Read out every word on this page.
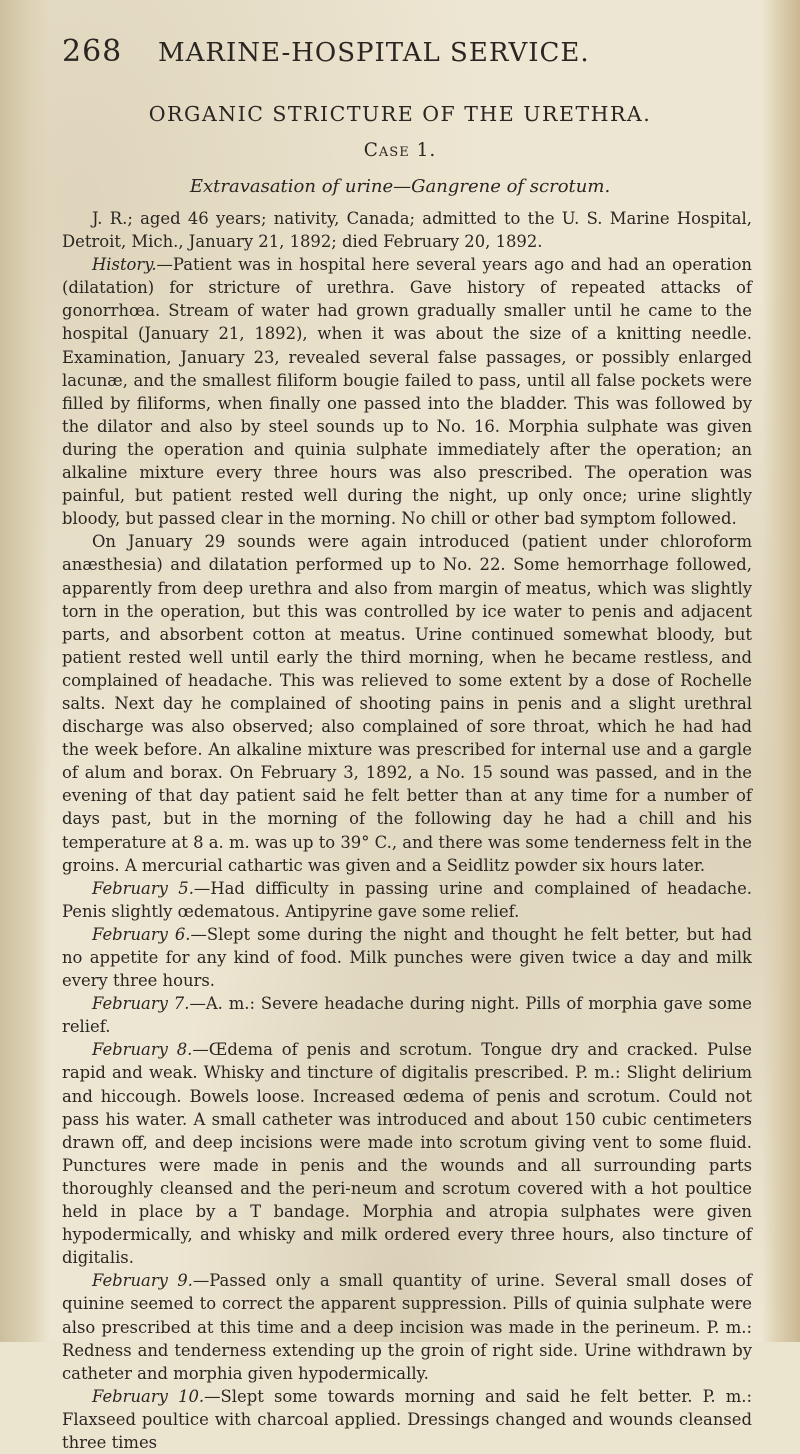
268 MARINE-HOSPITAL SERVICE.
ORGANIC STRICTURE OF THE URETHRA.
Case 1.
Extravasation of urine—Gangrene of scrotum.

J. R.; aged 46 years; nativity, Canada; admitted to the U. S. Marine Hospital, Detroit, Mich., January 21, 1892; died February 20, 1892.

History.—Patient was in hospital here several years ago and had an operation (dilatation) for stricture of urethra. Gave history of repeated attacks of gonorrhœa. Stream of water had grown gradually smaller until he came to the hospital (January 21, 1892), when it was about the size of a knitting needle. Examination, January 23, revealed several false passages, or possibly enlarged lacunæ, and the smallest filiform bougie failed to pass, until all false pockets were filled by filiforms, when finally one passed into the bladder. This was followed by the dilator and also by steel sounds up to No. 16. Morphia sulphate was given during the operation and quinia sulphate immediately after the operation; an alkaline mixture every three hours was also prescribed. The operation was painful, but patient rested well during the night, up only once; urine slightly bloody, but passed clear in the morning. No chill or other bad symptom followed.

On January 29 sounds were again introduced (patient under chloroform anæsthesia) and dilatation performed up to No. 22. Some hemorrhage followed, apparently from deep urethra and also from margin of meatus, which was slightly torn in the operation, but this was controlled by ice water to penis and adjacent parts, and absorbent cotton at meatus. Urine continued somewhat bloody, but patient rested well until early the third morning, when he became restless, and complained of headache. This was relieved to some extent by a dose of Rochelle salts. Next day he complained of shooting pains in penis and a slight urethral discharge was also observed; also complained of sore throat, which he had had the week before. An alkaline mixture was prescribed for internal use and a gargle of alum and borax. On February 3, 1892, a No. 15 sound was passed, and in the evening of that day patient said he felt better than at any time for a number of days past, but in the morning of the following day he had a chill and his temperature at 8 a. m. was up to 39° C., and there was some tenderness felt in the groins. A mercurial cathartic was given and a Seidlitz powder six hours later.

February 5.—Had difficulty in passing urine and complained of headache. Penis slightly œdematous. Antipyrine gave some relief.

February 6.—Slept some during the night and thought he felt better, but had no appetite for any kind of food. Milk punches were given twice a day and milk every three hours.

February 7.—A. m.: Severe headache during night. Pills of morphia gave some relief.

February 8.—Œdema of penis and scrotum. Tongue dry and cracked. Pulse rapid and weak. Whisky and tincture of digitalis prescribed. P. m.: Slight delirium and hiccough. Bowels loose. Increased œdema of penis and scrotum. Could not pass his water. A small catheter was introduced and about 150 cubic centimeters drawn off, and deep incisions were made into scrotum giving vent to some fluid. Punctures were made in penis and the wounds and all surrounding parts thoroughly cleansed and the peri-neum and scrotum covered with a hot poultice held in place by a T bandage. Morphia and atropia sulphates were given hypodermically, and whisky and milk ordered every three hours, also tincture of digitalis.

February 9.—Passed only a small quantity of urine. Several small doses of quinine seemed to correct the apparent suppression. Pills of quinia sulphate were also prescribed at this time and a deep incision was made in the perineum. P. m.: Redness and tenderness extending up the groin of right side. Urine withdrawn by catheter and morphia given hypodermically.

February 10.—Slept some towards morning and said he felt better. P. m.: Flaxseed poultice with charcoal applied. Dressings changed and wounds cleansed three times
